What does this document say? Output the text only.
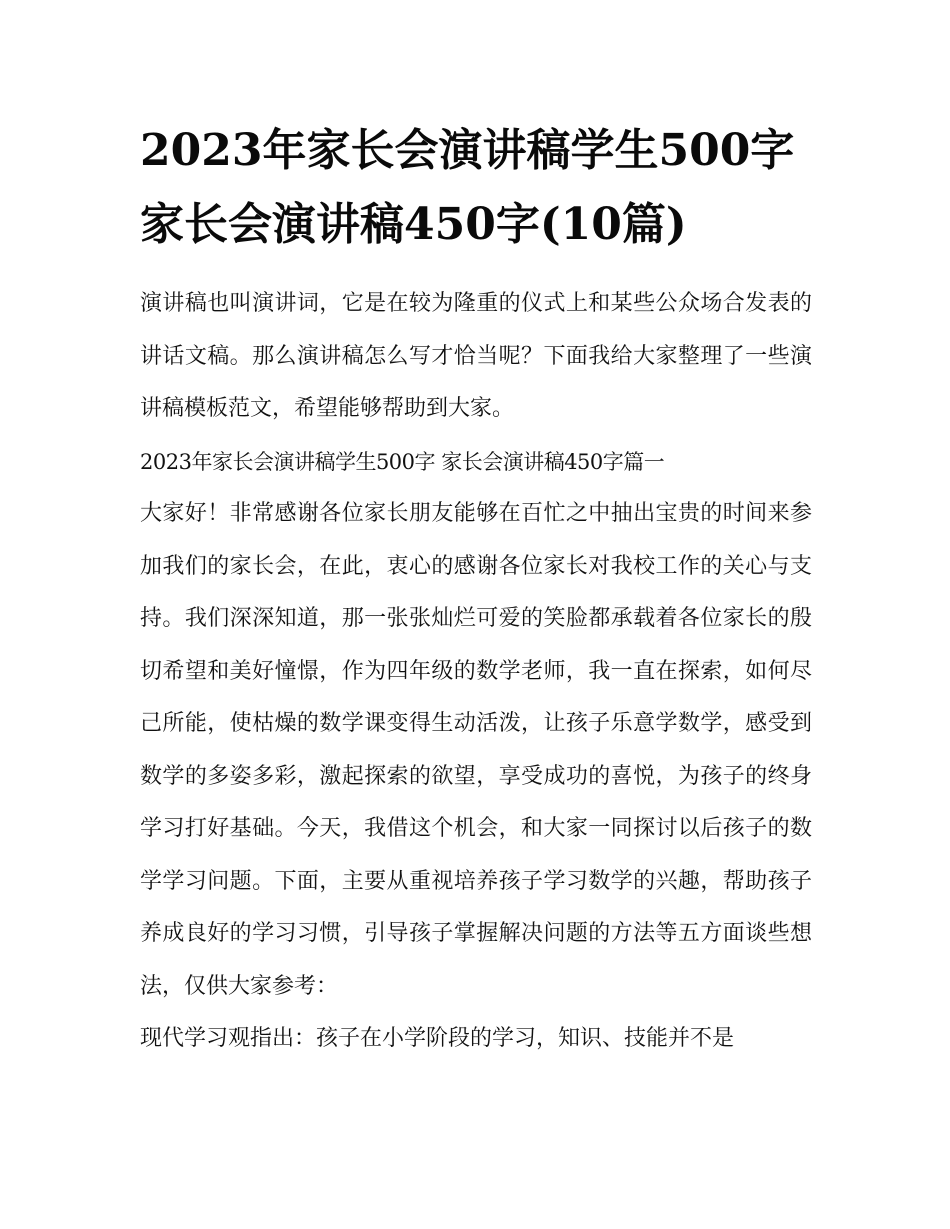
2023年家长会演讲稿学生500字 家长会演讲稿450字(10篇)

演讲稿也叫演讲词，它是在较为隆重的仪式上和某些公众场合发表的讲话文稿。那么演讲稿怎么写才恰当呢？下面我给大家整理了一些演讲稿模板范文，希望能够帮助到大家。

2023年家长会演讲稿学生500字 家长会演讲稿450字篇一

大家好！非常感谢各位家长朋友能够在百忙之中抽出宝贵的时间来参加我们的家长会，在此，衷心的感谢各位家长对我校工作的关心与支持。我们深深知道，那一张张灿烂可爱的笑脸都承载着各位家长的殷切希望和美好憧憬，作为四年级的数学老师，我一直在探索，如何尽己所能，使枯燥的数学课变得生动活泼，让孩子乐意学数学，感受到数学的多姿多彩，激起探索的欲望，享受成功的喜悦，为孩子的终身学习打好基础。今天，我借这个机会，和大家一同探讨以后孩子的数学学习问题。下面，主要从重视培养孩子学习数学的兴趣，帮助孩子养成良好的学习习惯，引导孩子掌握解决问题的方法等五方面谈些想法，仅供大家参考：

现代学习观指出：孩子在小学阶段的学习，知识、技能并不是
